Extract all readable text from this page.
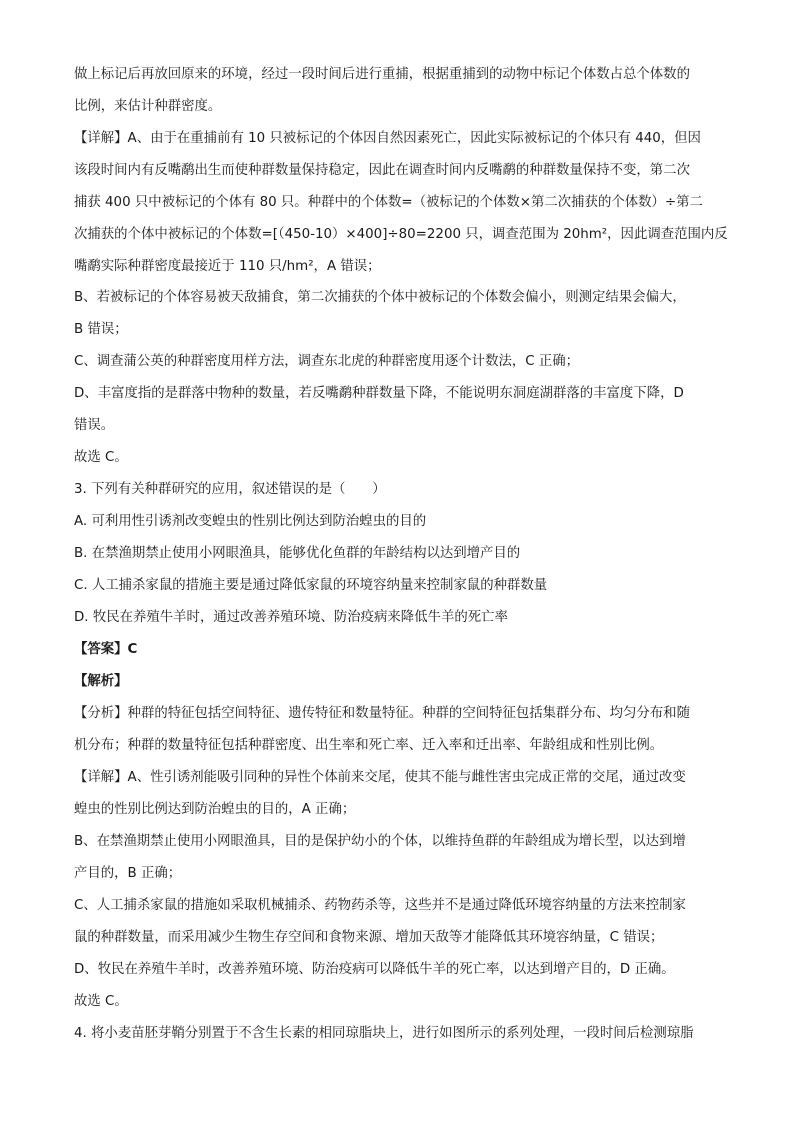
做上标记后再放回原来的环境，经过一段时间后进行重捕，根据重捕到的动物中标记个体数占总个体数的
比例，来估计种群密度。
【详解】A、由于在重捕前有 10 只被标记的个体因自然因素死亡，因此实际被标记的个体只有 440，但因
该段时间内有反嘴鹬出生而使种群数量保持稳定，因此在调查时间内反嘴鹬的种群数量保持不变，第二次
捕获 400 只中被标记的个体有 80 只。种群中的个体数=（被标记的个体数×第二次捕获的个体数）÷第二
次捕获的个体中被标记的个体数=[（450-10）×400]÷80=2200 只，调查范围为 20hm²，因此调查范围内反
嘴鹬实际种群密度最接近于 110 只/hm²，A 错误；
B、若被标记的个体容易被天敌捕食，第二次捕获的个体中被标记的个体数会偏小，则测定结果会偏大，
B 错误；
C、调查蒲公英的种群密度用样方法，调查东北虎的种群密度用逐个计数法，C 正确；
D、丰富度指的是群落中物种的数量，若反嘴鹬种群数量下降，不能说明东洞庭湖群落的丰富度下降，D
错误。
故选 C。
3. 下列有关种群研究的应用，叙述错误的是（　　）
A. 可利用性引诱剂改变蝗虫的性别比例达到防治蝗虫的目的
B. 在禁渔期禁止使用小网眼渔具，能够优化鱼群的年龄结构以达到增产目的
C. 人工捕杀家鼠的措施主要是通过降低家鼠的环境容纳量来控制家鼠的种群数量
D. 牧民在养殖牛羊时，通过改善养殖环境、防治疫病来降低牛羊的死亡率
【答案】C
【解析】
【分析】种群的特征包括空间特征、遗传特征和数量特征。种群的空间特征包括集群分布、均匀分布和随
机分布；种群的数量特征包括种群密度、出生率和死亡率、迁入率和迁出率、年龄组成和性别比例。
【详解】A、性引诱剂能吸引同种的异性个体前来交尾，使其不能与雌性害虫完成正常的交尾，通过改变
蝗虫的性别比例达到防治蝗虫的目的，A 正确；
B、在禁渔期禁止使用小网眼渔具，目的是保护幼小的个体，以维持鱼群的年龄组成为增长型，以达到增
产目的，B 正确；
C、人工捕杀家鼠的措施如采取机械捕杀、药物药杀等，这些并不是通过降低环境容纳量的方法来控制家
鼠的种群数量，而采用减少生物生存空间和食物来源、增加天敌等才能降低其环境容纳量，C 错误；
D、牧民在养殖牛羊时，改善养殖环境、防治疫病可以降低牛羊的死亡率，以达到增产目的，D 正确。
故选 C。
4. 将小麦苗胚芽鞘分别置于不含生长素的相同琼脂块上，进行如图所示的系列处理，一段时间后检测琼脂
